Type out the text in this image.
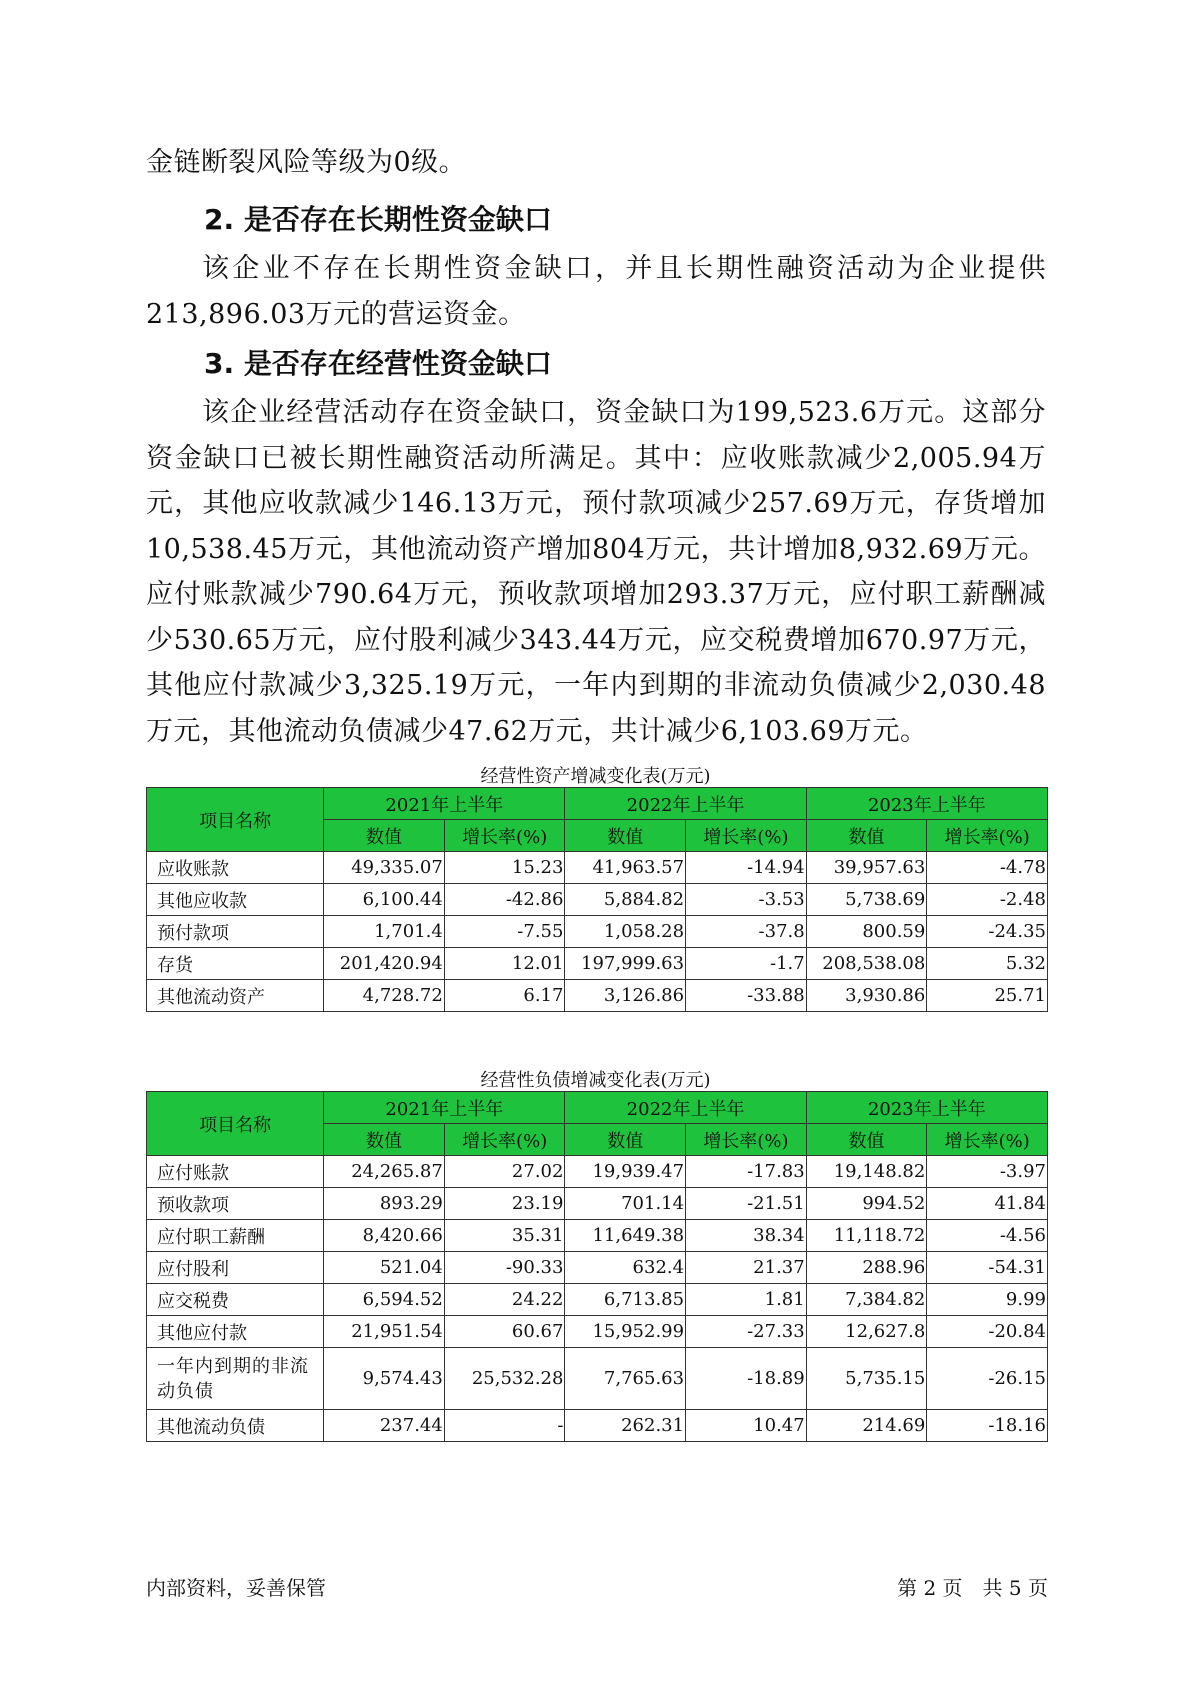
金链断裂风险等级为0级。
2. 是否存在长期性资金缺口
该企业不存在长期性资金缺口，并且长期性融资活动为企业提供213,896.03万元的营运资金。
3. 是否存在经营性资金缺口
该企业经营活动存在资金缺口，资金缺口为199,523.6万元。这部分资金缺口已被长期性融资活动所满足。其中：应收账款减少2,005.94万元，其他应收款减少146.13万元，预付款项减少257.69万元，存货增加10,538.45万元，其他流动资产增加804万元，共计增加8,932.69万元。应付账款减少790.64万元，预收款项增加293.37万元，应付职工薪酬减少530.65万元，应付股利减少343.44万元，应交税费增加670.97万元，其他应付款减少3,325.19万元，一年内到期的非流动负债减少2,030.48万元，其他流动负债减少47.62万元，共计减少6,103.69万元。
经营性资产增减变化表(万元)
项目名称	2021年上半年		2022年上半年		2023年上半年	
	数值	增长率(%)	数值	增长率(%)	数值	增长率(%)
应收账款	49,335.07	15.23	41,963.57	-14.94	39,957.63	-4.78
其他应收款	6,100.44	-42.86	5,884.82	-3.53	5,738.69	-2.48
预付款项	1,701.4	-7.55	1,058.28	-37.8	800.59	-24.35
存货	201,420.94	12.01	197,999.63	-1.7	208,538.08	5.32
其他流动资产	4,728.72	6.17	3,126.86	-33.88	3,930.86	25.71
经营性负债增减变化表(万元)
项目名称	2021年上半年		2022年上半年		2023年上半年	
	数值	增长率(%)	数值	增长率(%)	数值	增长率(%)
应付账款	24,265.87	27.02	19,939.47	-17.83	19,148.82	-3.97
预收款项	893.29	23.19	701.14	-21.51	994.52	41.84
应付职工薪酬	8,420.66	35.31	11,649.38	38.34	11,118.72	-4.56
应付股利	521.04	-90.33	632.4	21.37	288.96	-54.31
应交税费	6,594.52	24.22	6,713.85	1.81	7,384.82	9.99
其他应付款	21,951.54	60.67	15,952.99	-27.33	12,627.8	-20.84
一年内到期的非流动负债	9,574.43	25,532.28	7,765.63	-18.89	5,735.15	-26.15
其他流动负债	237.44	-	262.31	10.47	214.69	-18.16
内部资料，妥善保管	第 2 页　共 5 页
